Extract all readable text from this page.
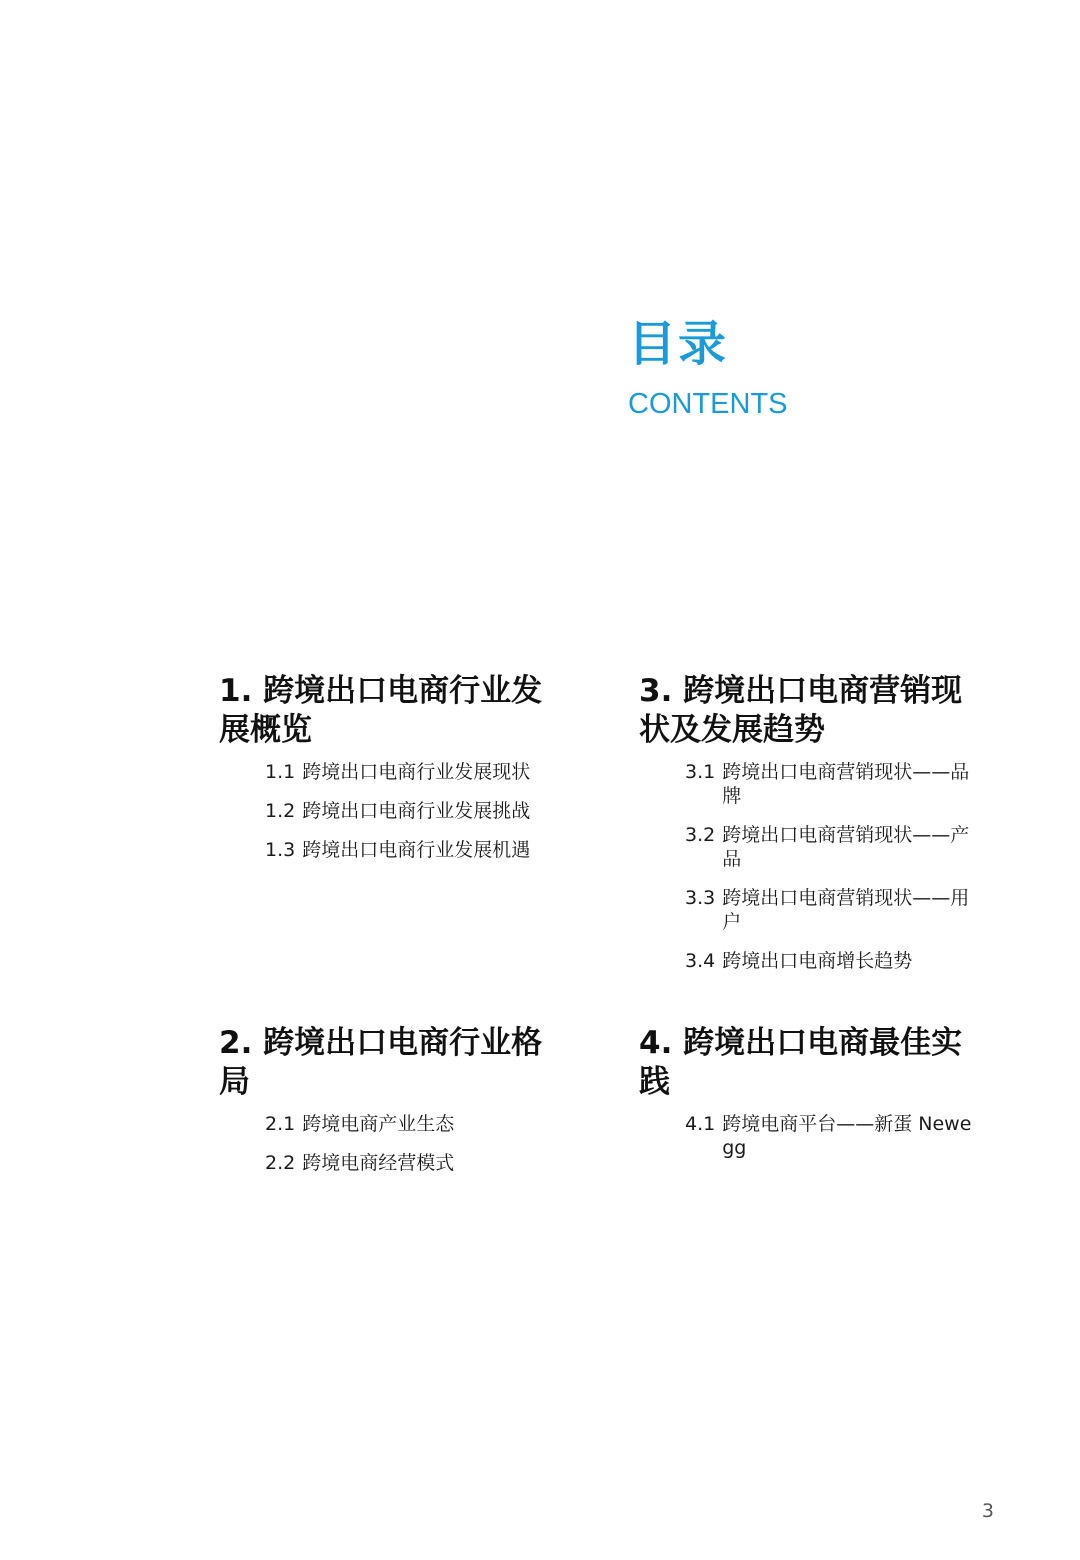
目录
CONTENTS
1. 跨境出口电商行业发展概览
1.1 跨境出口电商行业发展现状
1.2 跨境出口电商行业发展挑战
1.3 跨境出口电商行业发展机遇
2. 跨境出口电商行业格局
2.1 跨境电商产业生态
2.2 跨境电商经营模式
3. 跨境出口电商营销现状及发展趋势
3.1 跨境出口电商营销现状——品牌
3.2 跨境出口电商营销现状——产品
3.3 跨境出口电商营销现状——用户
3.4 跨境出口电商增长趋势
4. 跨境出口电商最佳实践
4.1 跨境电商平台——新蛋 Newegg
3
